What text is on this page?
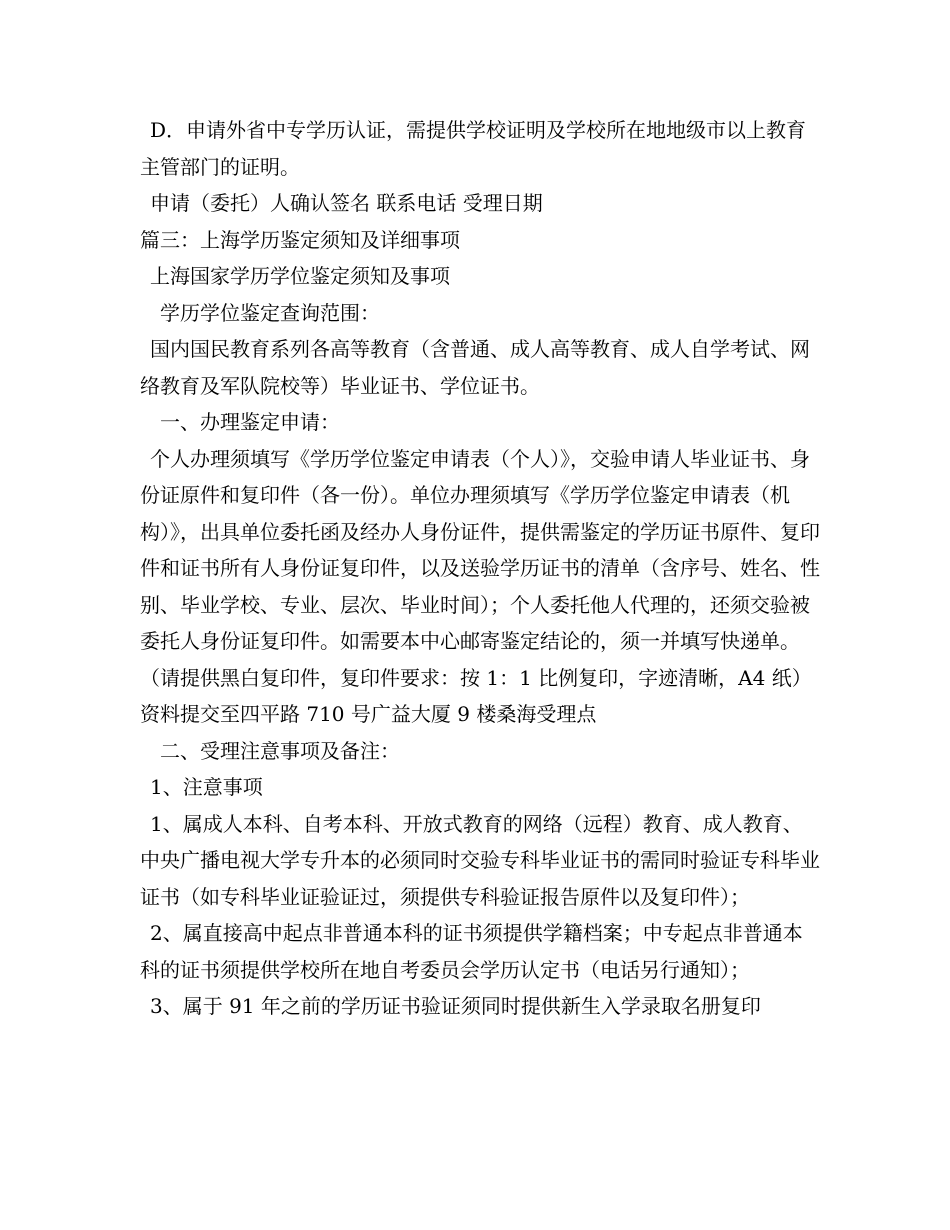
D．申请外省中专学历认证，需提供学校证明及学校所在地地级市以上教育主管部门的证明。

申请（委托）人确认签名 联系电话 受理日期

篇三：上海学历鉴定须知及详细事项

上海国家学历学位鉴定须知及事项

学历学位鉴定查询范围：

国内国民教育系列各高等教育（含普通、成人高等教育、成人自学考试、网络教育及军队院校等）毕业证书、学位证书。

一、办理鉴定申请：

个人办理须填写《学历学位鉴定申请表（个人）》，交验申请人毕业证书、身份证原件和复印件（各一份）。单位办理须填写《学历学位鉴定申请表（机构）》，出具单位委托函及经办人身份证件，提供需鉴定的学历证书原件、复印件和证书所有人身份证复印件，以及送验学历证书的清单（含序号、姓名、性别、毕业学校、专业、层次、毕业时间）；个人委托他人代理的，还须交验被委托人身份证复印件。如需要本中心邮寄鉴定结论的，须一并填写快递单。（请提供黑白复印件，复印件要求：按 1：1 比例复印，字迹清晰，A4 纸）资料提交至四平路 710 号广益大厦 9 楼桑海受理点

二、受理注意事项及备注：

1、注意事项

1、属成人本科、自考本科、开放式教育的网络（远程）教育、成人教育、中央广播电视大学专升本的必须同时交验专科毕业证书的需同时验证专科毕业证书（如专科毕业证验证过，须提供专科验证报告原件以及复印件）；

2、属直接高中起点非普通本科的证书须提供学籍档案；中专起点非普通本科的证书须提供学校所在地自考委员会学历认定书（电话另行通知）；

3、属于 91 年之前的学历证书验证须同时提供新生入学录取名册复印
